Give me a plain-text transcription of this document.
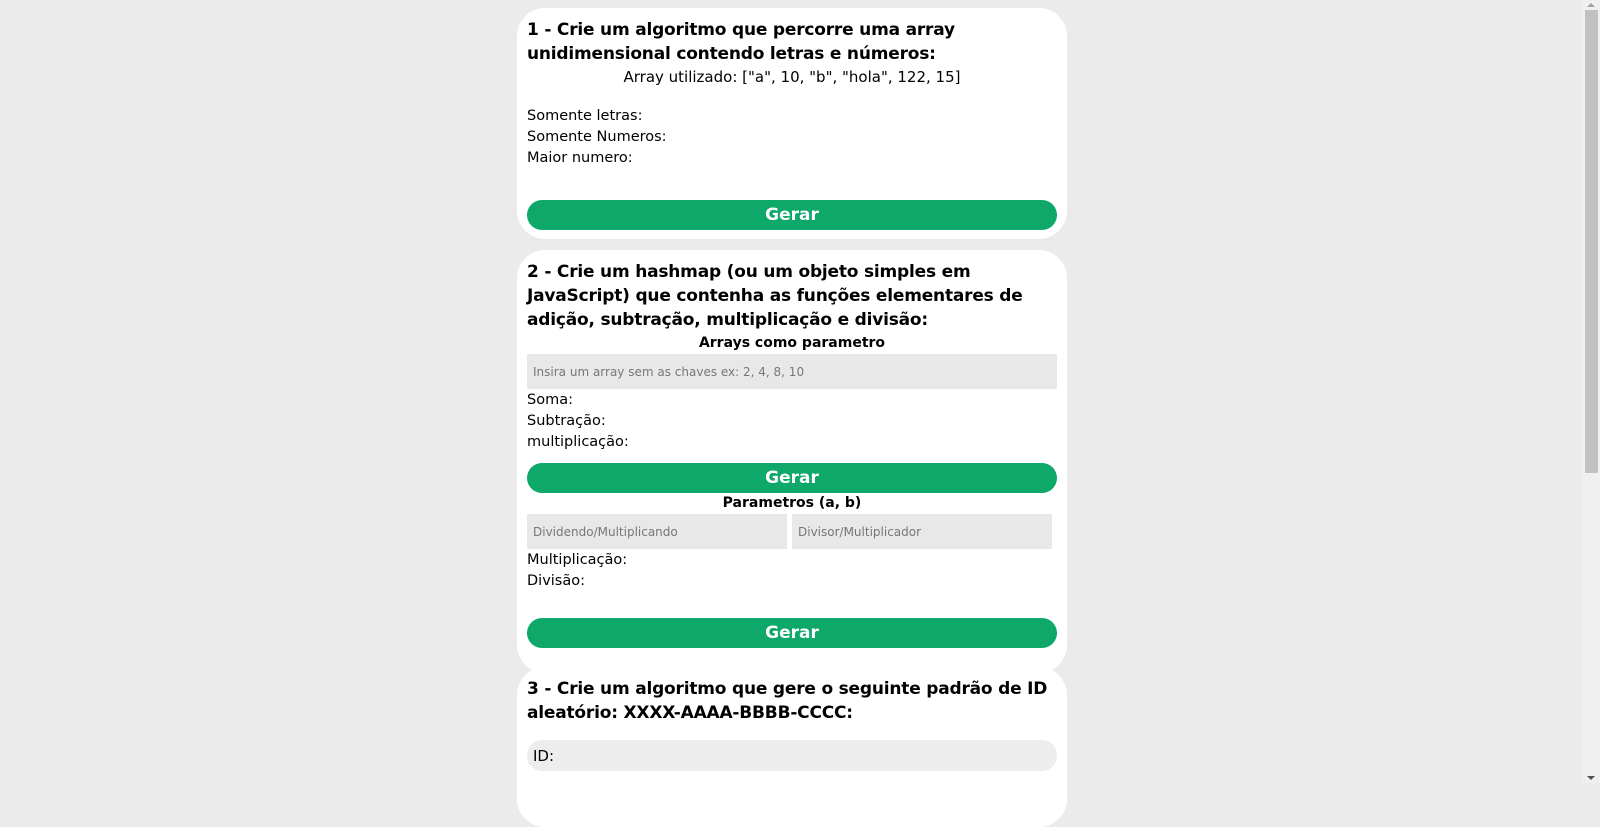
1 - Crie um algoritmo que percorre uma array unidimensional contendo letras e números:
Array utilizado: ["a", 10, "b", "hola", 122, 15]
Somente letras:
Somente Numeros:
Maior numero:
Gerar
2 - Crie um hashmap (ou um objeto simples em JavaScript) que contenha as funções elementares de adição, subtração, multiplicação e divisão:
Arrays como parametro
Insira um array sem as chaves ex: 2, 4, 8, 10
Soma:
Subtração:
multiplicação:
Gerar
Parametros (a, b)
Dividendo/Multiplicando	Divisor/Multiplicador
Multiplicação:
Divisão:
Gerar
3 - Crie um algoritmo que gere o seguinte padrão de ID aleatório: XXXX-AAAA-BBBB-CCCC:
ID:
